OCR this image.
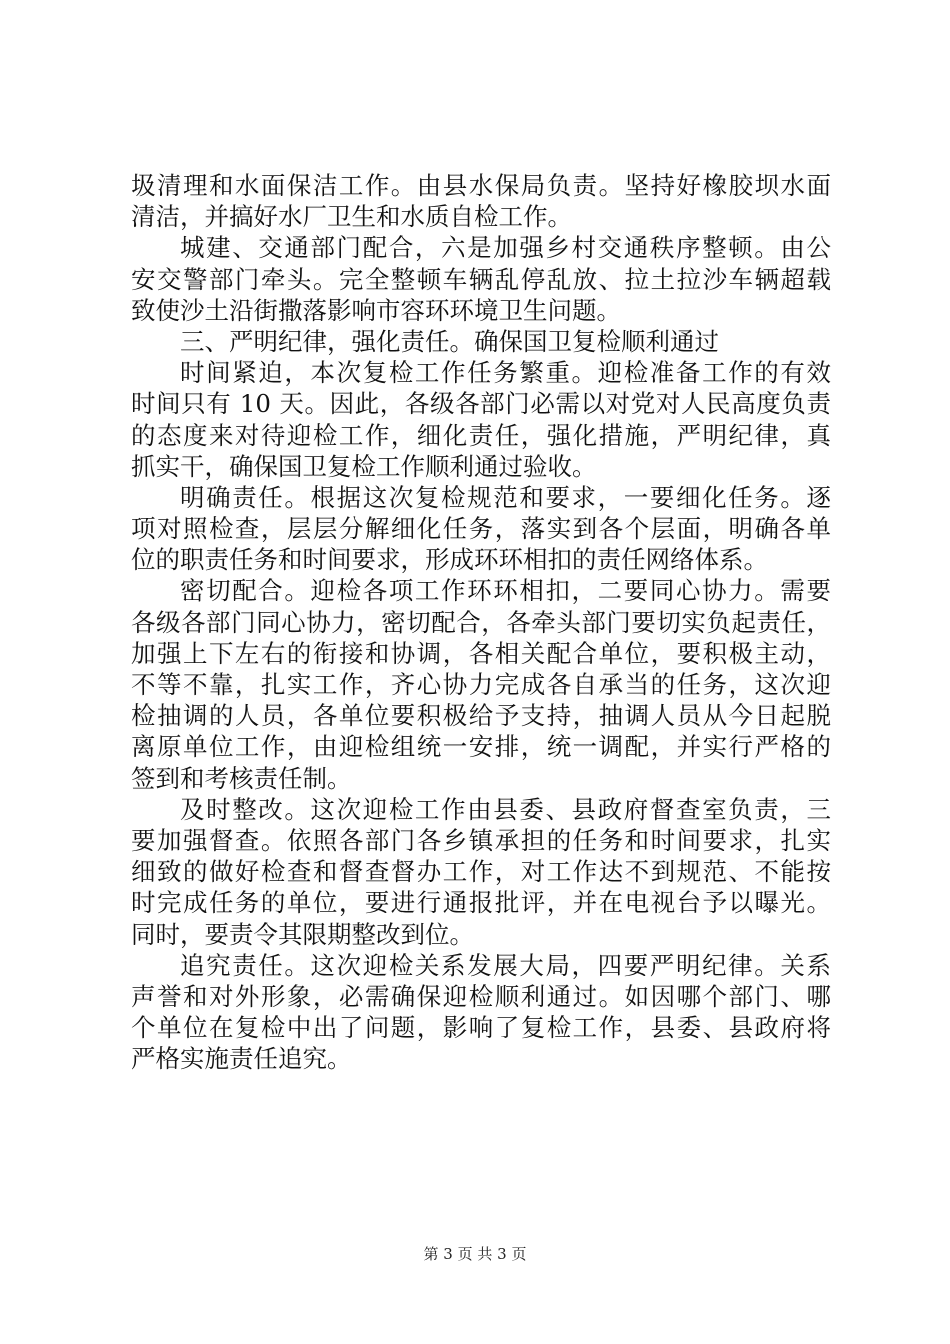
圾清理和水面保洁工作。由县水保局负责。坚持好橡胶坝水面
清洁，并搞好水厂卫生和水质自检工作。
城建、交通部门配合，六是加强乡村交通秩序整顿。由公
安交警部门牵头。完全整顿车辆乱停乱放、拉土拉沙车辆超载
致使沙土沿街撒落影响市容环环境卫生问题。
三、严明纪律，强化责任。确保国卫复检顺利通过
时间紧迫，本次复检工作任务繁重。迎检准备工作的有效
时间只有 10 天。因此，各级各部门必需以对党对人民高度负责
的态度来对待迎检工作，细化责任，强化措施，严明纪律，真
抓实干，确保国卫复检工作顺利通过验收。
明确责任。根据这次复检规范和要求，一要细化任务。逐
项对照检查，层层分解细化任务，落实到各个层面，明确各单
位的职责任务和时间要求，形成环环相扣的责任网络体系。
密切配合。迎检各项工作环环相扣，二要同心协力。需要
各级各部门同心协力，密切配合，各牵头部门要切实负起责任，
加强上下左右的衔接和协调，各相关配合单位，要积极主动，
不等不靠，扎实工作，齐心协力完成各自承当的任务，这次迎
检抽调的人员，各单位要积极给予支持，抽调人员从今日起脱
离原单位工作，由迎检组统一安排，统一调配，并实行严格的
签到和考核责任制。
及时整改。这次迎检工作由县委、县政府督查室负责，三
要加强督查。依照各部门各乡镇承担的任务和时间要求，扎实
细致的做好检查和督查督办工作，对工作达不到规范、不能按
时完成任务的单位，要进行通报批评，并在电视台予以曝光。
同时，要责令其限期整改到位。
追究责任。这次迎检关系发展大局，四要严明纪律。关系
声誉和对外形象，必需确保迎检顺利通过。如因哪个部门、哪
个单位在复检中出了问题，影响了复检工作，县委、县政府将
严格实施责任追究。
第 3 页 共 3 页
